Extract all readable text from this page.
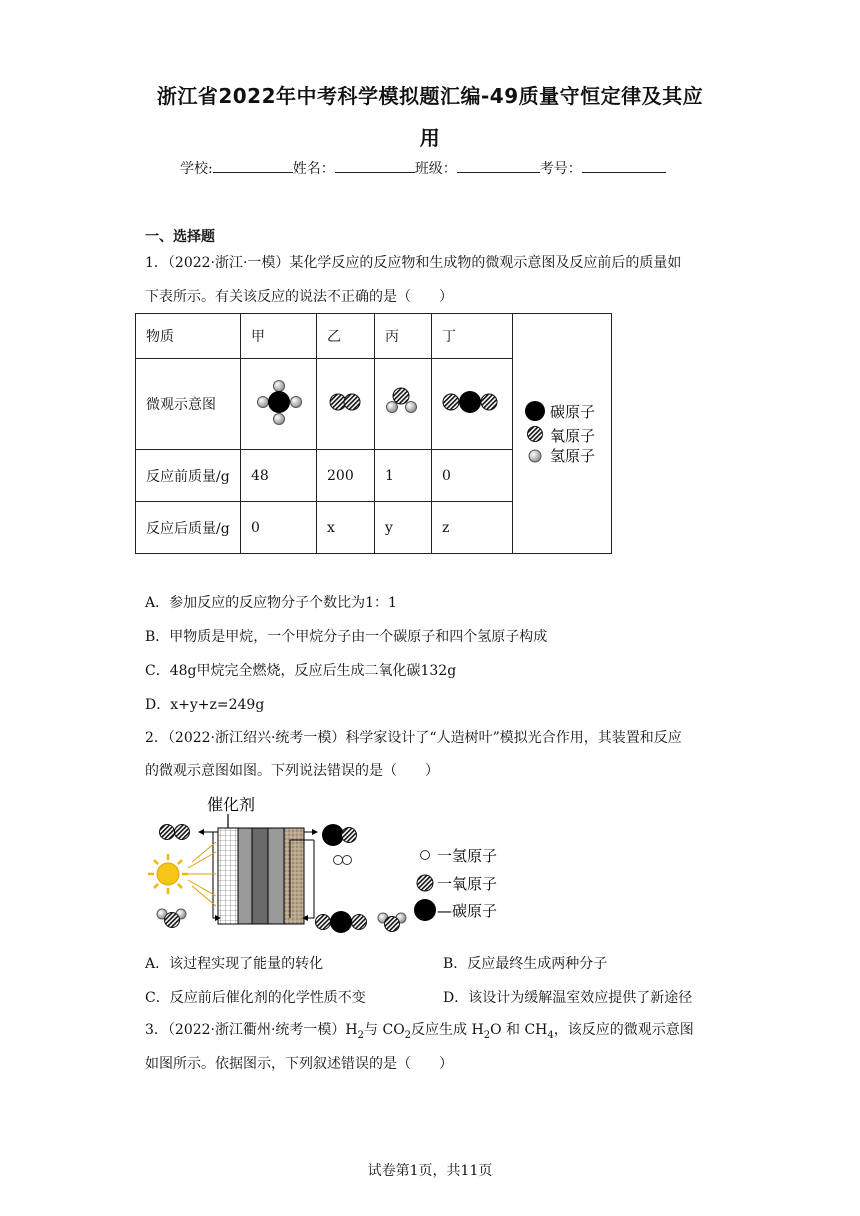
浙江省2022年中考科学模拟题汇编-49质量守恒定律及其应
用
学校:	姓名：	班级：	考号：
一、选择题
1．（2022·浙江·一模）某化学反应的反应物和生成物的微观示意图及反应前后的质量如
下表所示。有关该反应的说法不正确的是（　　）
物质	甲	乙	丙	丁	碳原子
氧原子
氢原子

微观示意图				
反应前质量/g	48	200	1	0	
反应后质量/g	0	x	y	z	
A．参加反应的反应物分子个数比为1：1
B．甲物质是甲烷，一个甲烷分子由一个碳原子和四个氢原子构成
C．48g甲烷完全燃烧，反应后生成二氧化碳132g
D．x+y+z=249g
2．（2022·浙江绍兴·统考一模）科学家设计了“人造树叶”模拟光合作用，其装置和反应
的微观示意图如图。下列说法错误的是（　　）
催化剂
一氢原子
一氧原子
—碳原子
A．该过程实现了能量的转化	B．反应最终生成两种分子
C．反应前后催化剂的化学性质不变	D．该设计为缓解温室效应提供了新途径
3．（2022·浙江衢州·统考一模）$H_2$与 $CO_2$反应生成 $H_2O$ 和 $CH_4$，该反应的微观示意图
如图所示。依据图示，下列叙述错误的是（　　）
试卷第1页，共11页
